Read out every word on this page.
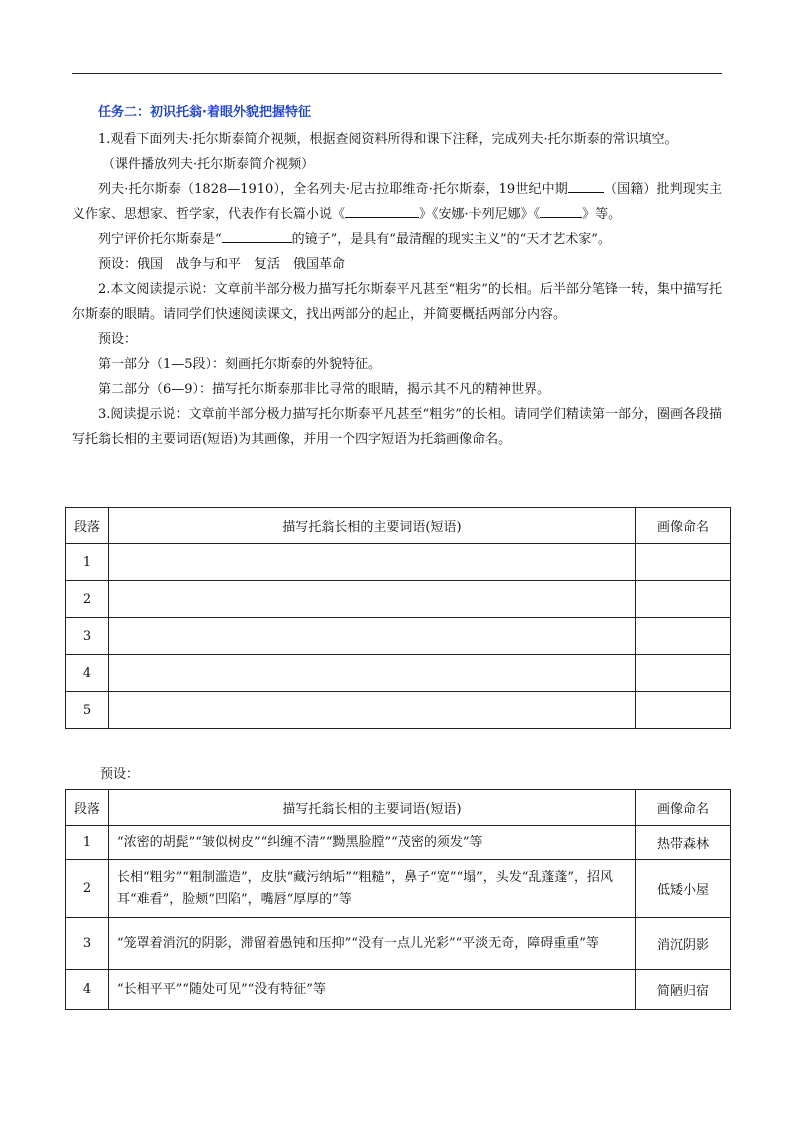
任务二：初识托翁·着眼外貌把握特征

1.观看下面列夫·托尔斯泰简介视频，根据查阅资料所得和课下注释，完成列夫·托尔斯泰的常识填空。

（课件播放列夫·托尔斯泰简介视频）

列夫·托尔斯泰（1828—1910），全名列夫·尼古拉耶维奇·托尔斯泰，19世纪中期	（国籍）批判现实主义作家、思想家、哲学家，代表作有长篇小说《	》《安娜·卡列尼娜》《	》等。

列宁评价托尔斯泰是“	的镜子”，是具有“最清醒的现实主义”的“天才艺术家”。

预设：俄国　战争与和平　复活　俄国革命

2.本文阅读提示说：文章前半部分极力描写托尔斯泰平凡甚至“粗劣”的长相。后半部分笔锋一转，集中描写托尔斯泰的眼睛。请同学们快速阅读课文，找出两部分的起止，并简要概括两部分内容。

预设：

第一部分（1—5段）：刻画托尔斯泰的外貌特征。

第二部分（6—9）：描写托尔斯泰那非比寻常的眼睛，揭示其不凡的精神世界。

3.阅读提示说：文章前半部分极力描写托尔斯泰平凡甚至“粗劣”的长相。请同学们精读第一部分，圈画各段描写托翁长相的主要词语(短语)为其画像，并用一个四字短语为托翁画像命名。

段落	描写托翁长相的主要词语(短语)	画像命名
1		
2		
3		
4		
5		
预设：
段落	描写托翁长相的主要词语(短语)	画像命名
1	“浓密的胡髭”“皱似树皮”“纠缠不清”“黝黑脸膛”“茂密的须发”等	热带森林
2	长相“粗劣”“粗制滥造”，皮肤“藏污纳垢”“粗糙”，鼻子“宽”“塌”，头发“乱蓬蓬”，招风耳“难看”，脸颊“凹陷”，嘴唇“厚厚的”等	低矮小屋
3	“笼罩着消沉的阴影，滞留着愚钝和压抑”“没有一点儿光彩”“平淡无奇，障碍重重”等	消沉阴影
4	“长相平平”“随处可见”“没有特征”等	简陋归宿
